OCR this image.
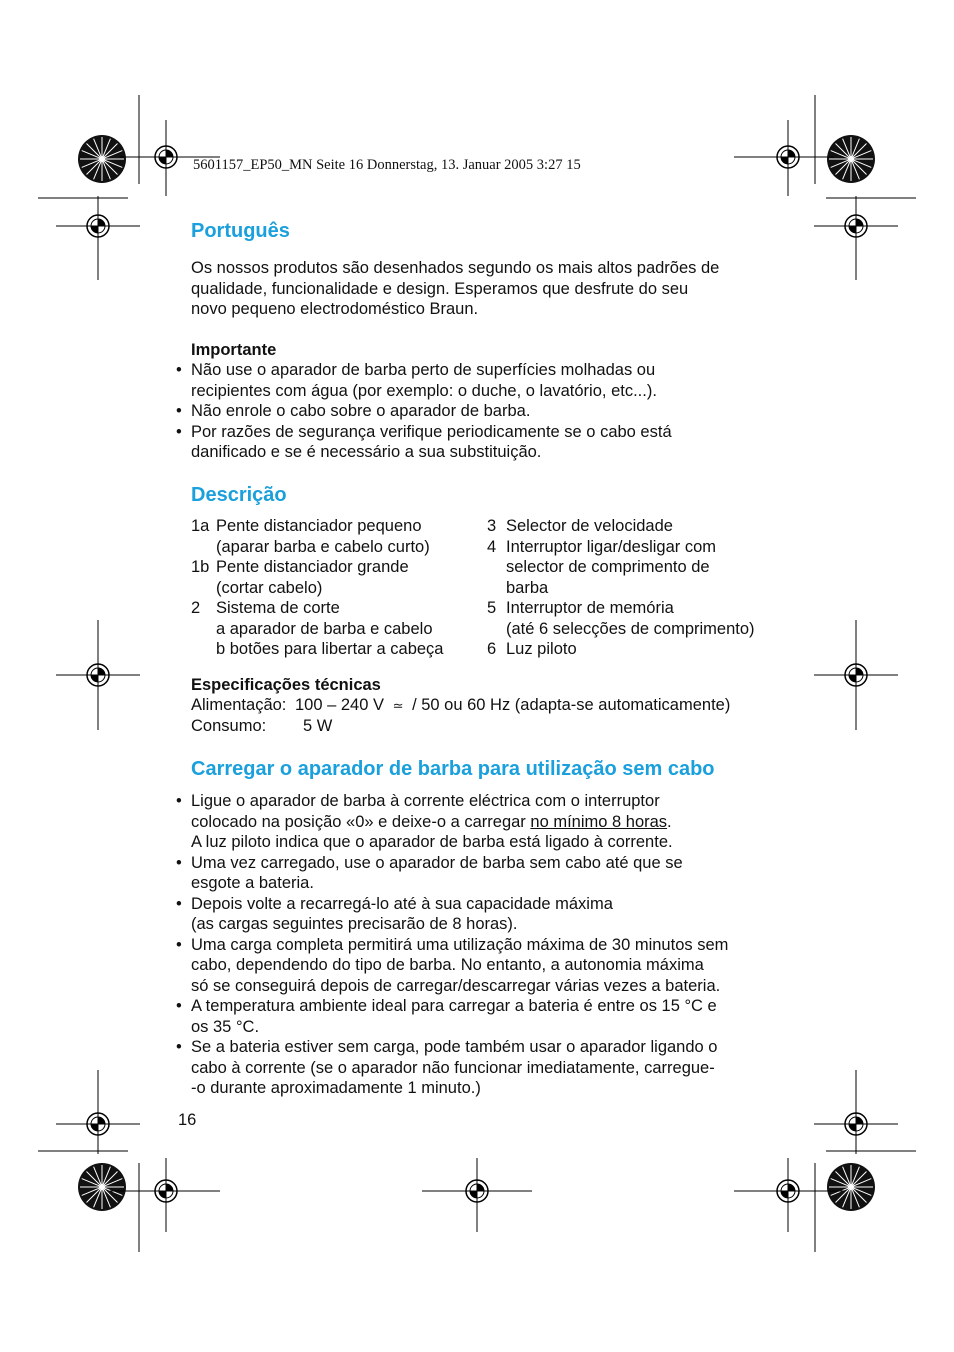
5601157_EP50_MN Seite 16 Donnerstag, 13. Januar 2005 3:27 15
Português
Os nossos produtos são desenhados segundo os mais altos padrões de
qualidade, funcionalidade e design. Esperamos que desfrute do seu
novo pequeno electrodoméstico Braun.
Importante
• Não use o aparador de barba perto de superfícies molhadas ou
recipientes com água (por exemplo: o duche, o lavatório, etc...).
• Não enrole o cabo sobre o aparador de barba.
• Por razões de segurança verifique periodicamente se o cabo está
danificado e se é necessário a sua substituição.
Descrição
1a Pente distanciador pequeno
(aparar barba e cabelo curto)
1b Pente distanciador grande
(cortar cabelo)
2 Sistema de corte
a aparador de barba e cabelo
b botões para libertar a cabeça
3 Selector de velocidade
4 Interruptor ligar/desligar com
selector de comprimento de
barba
5 Interruptor de memória
(até 6 selecções de comprimento)
6 Luz piloto
Especificações técnicas
Alimentação: 100 – 240 V ≃ / 50 ou 60 Hz (adapta-se automaticamente)
Consumo: 5 W
Carregar o aparador de barba para utilização sem cabo
• Ligue o aparador de barba à corrente eléctrica com o interruptor
colocado na posição «0» e deixe-o a carregar no mínimo 8 horas.
A luz piloto indica que o aparador de barba está ligado à corrente.
• Uma vez carregado, use o aparador de barba sem cabo até que se
esgote a bateria.
• Depois volte a recarregá-lo até à sua capacidade máxima
(as cargas seguintes precisarão de 8 horas).
• Uma carga completa permitirá uma utilização máxima de 30 minutos sem
cabo, dependendo do tipo de barba. No entanto, a autonomia máxima
só se conseguirá depois de carregar/descarregar várias vezes a bateria.
• A temperatura ambiente ideal para carregar a bateria é entre os 15 °C e
os 35 °C.
• Se a bateria estiver sem carga, pode também usar o aparador ligando o
cabo à corrente (se o aparador não funcionar imediatamente, carregue-
-o durante aproximadamente 1 minuto.)
16
